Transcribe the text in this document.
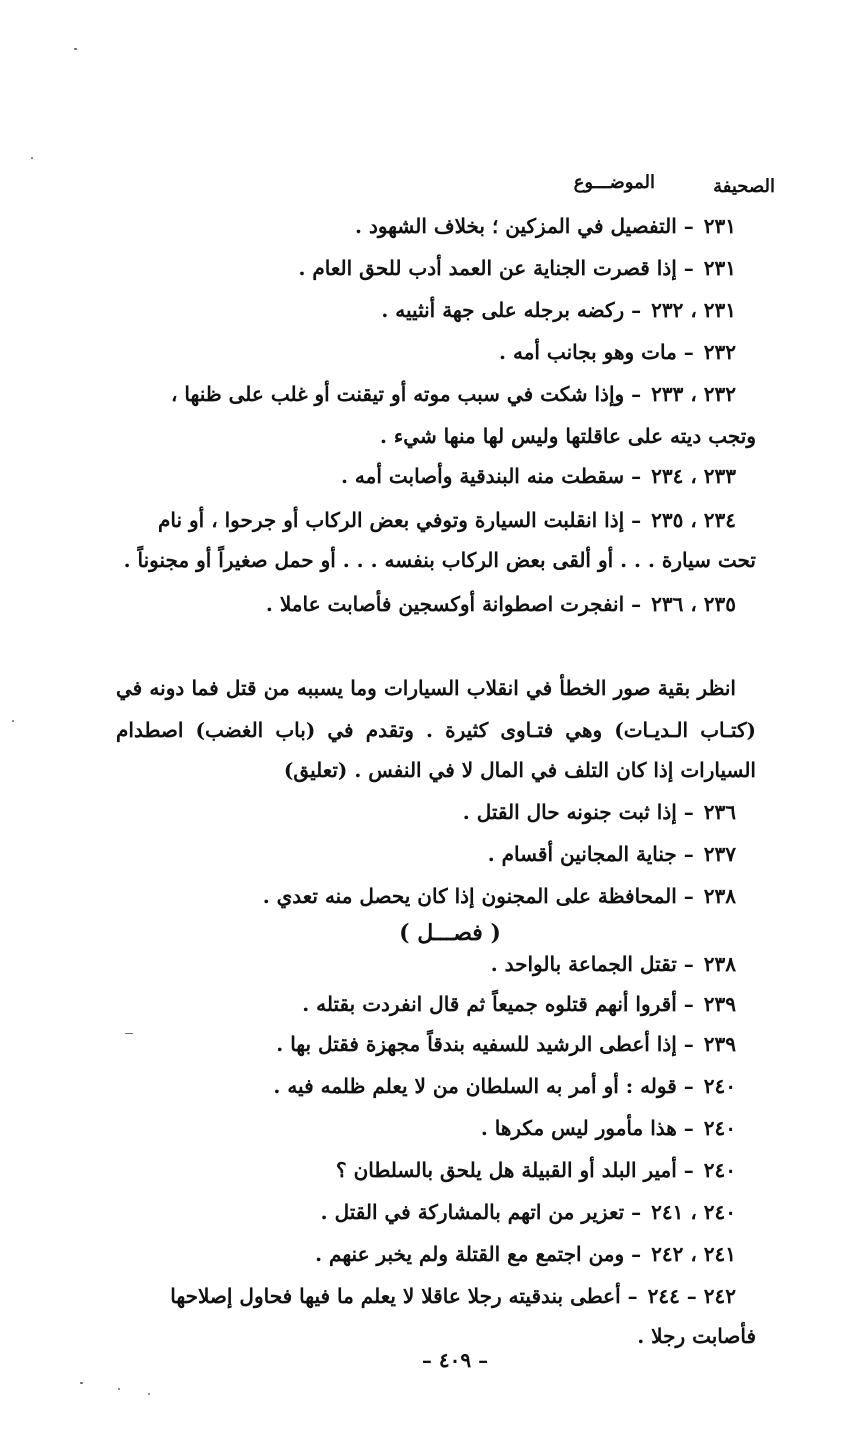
الصحيفة
الموضـــوع
٢٣١– التفصيل في المزكين ؛ بخلاف الشهود .
٢٣١– إذا قصرت الجناية عن العمد أدب للحق العام .
٢٣١ ، ٢٣٢– ركضه برجله على جهة أنثييه .
٢٣٢– مات وهو بجانب أمه .
٢٣٢ ، ٢٣٣– وإذا شكت في سبب موته أو تيقنت أو غلب على ظنها ،
وتجب ديته على عاقلتها وليس لها منها شيء .
٢٣٣ ، ٢٣٤– سقطت منه البندقية وأصابت أمه .
٢٣٤ ، ٢٣٥– إذا انقلبت السيارة وتوفي بعض الركاب أو جرحوا ، أو نام
تحت سيارة . . . أو ألقى بعض الركاب بنفسه . . . أو حمل صغيراً أو مجنوناً .
٢٣٥ ، ٢٣٦– انفجرت اصطوانة أوكسجين فأصابت عاملا .
انظر بقية صور الخطأ في انقلاب السيارات وما يسببه من قتل فما دونه في
(كتـاب الـديـات) وهي فتـاوى كثيرة . وتقدم في (باب الغضب) اصطدام
السيارات إذا كان التلف في المال لا في النفس . (تعليق)
٢٣٦– إذا ثبت جنونه حال القتل .
٢٣٧– جناية المجانين أقسام .
٢٣٨– المحافظة على المجنون إذا كان يحصل منه تعدي .
( فصـــل )
٢٣٨– تقتل الجماعة بالواحد .
٢٣٩– أقروا أنهم قتلوه جميعاً ثم قال انفردت بقتله .
٢٣٩– إذا أعطى الرشيد للسفيه بندقاً مجهزة فقتل بها .
٢٤٠– قوله : أو أمر به السلطان من لا يعلم ظلمه فيه .
٢٤٠– هذا مأمور ليس مكرها .
٢٤٠– أمير البلد أو القبيلة هل يلحق بالسلطان ؟
٢٤٠ ، ٢٤١– تعزير من اتهم بالمشاركة في القتل .
٢٤١ ، ٢٤٢– ومن اجتمع مع القتلة ولم يخبر عنهم .
٢٤٢ – ٢٤٤– أعطى بندقيته رجلا عاقلا لا يعلم ما فيها فحاول إصلاحها
فأصابت رجلا .
– ٤٠٩ –
